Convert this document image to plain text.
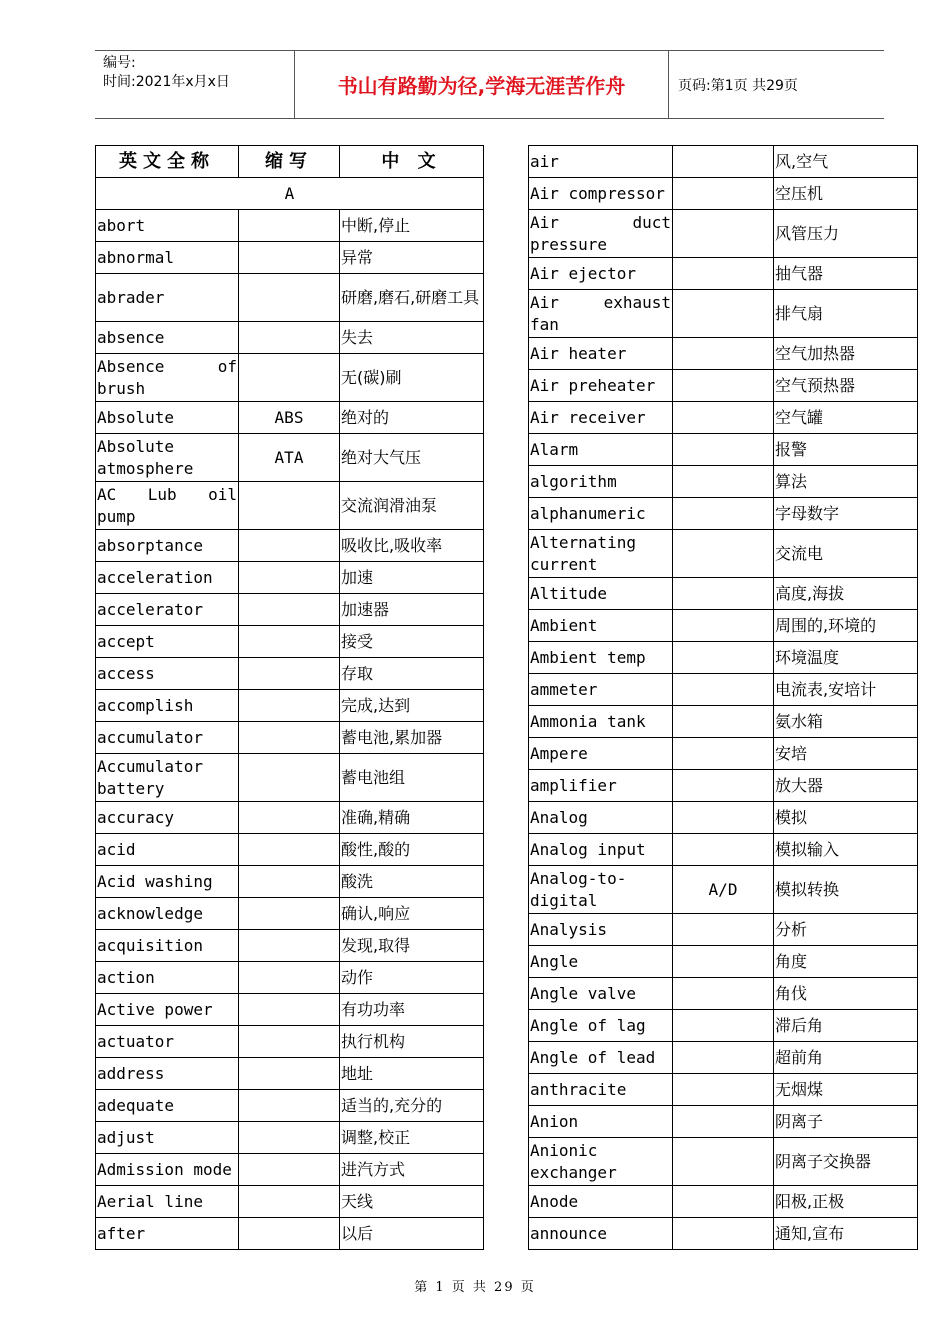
编号:
时间:2021年x月x日	书山有路勤为径,学海无涯苦作舟	页码:第1页 共29页
英文全称	缩写	中 文
A		
abort		中断,停止
abnormal		异常
abrader		研磨,磨石,研磨工具
absence		失去
Absence of brush		无(碳)刷
Absolute	ABS	绝对的
Absolute atmosphere	ATA	绝对大气压
AC Lub oil pump		交流润滑油泵
absorptance		吸收比,吸收率
acceleration		加速
accelerator		加速器
accept		接受
access		存取
accomplish		完成,达到
accumulator		蓄电池,累加器
Accumulator battery		蓄电池组
accuracy		准确,精确
acid		酸性,酸的
Acid washing		酸洗
acknowledge		确认,响应
acquisition		发现,取得
action		动作
Active power		有功功率
actuator		执行机构
address		地址
adequate		适当的,充分的
adjust		调整,校正
Admission mode		进汽方式
Aerial line		天线
after		以后
air		风,空气
Air compressor		空压机
Air duct pressure		风管压力
Air ejector		抽气器
Air exhaust fan		排气扇
Air heater		空气加热器
Air preheater		空气预热器
Air receiver		空气罐
Alarm		报警
algorithm		算法
alphanumeric		字母数字
Alternating current		交流电
Altitude		高度,海拔
Ambient		周围的,环境的
Ambient temp		环境温度
ammeter		电流表,安培计
Ammonia tank		氨水箱
Ampere		安培
amplifier		放大器
Analog		模拟
Analog input		模拟输入
Analog-to-digital	A/D	模拟转换
Analysis		分析
Angle		角度
Angle valve		角伐
Angle of lag		滞后角
Angle of lead		超前角
anthracite		无烟煤
Anion		阴离子
Anionic exchanger		阴离子交换器
Anode		阳极,正极
announce		通知,宣布
第 1 页 共 29 页
